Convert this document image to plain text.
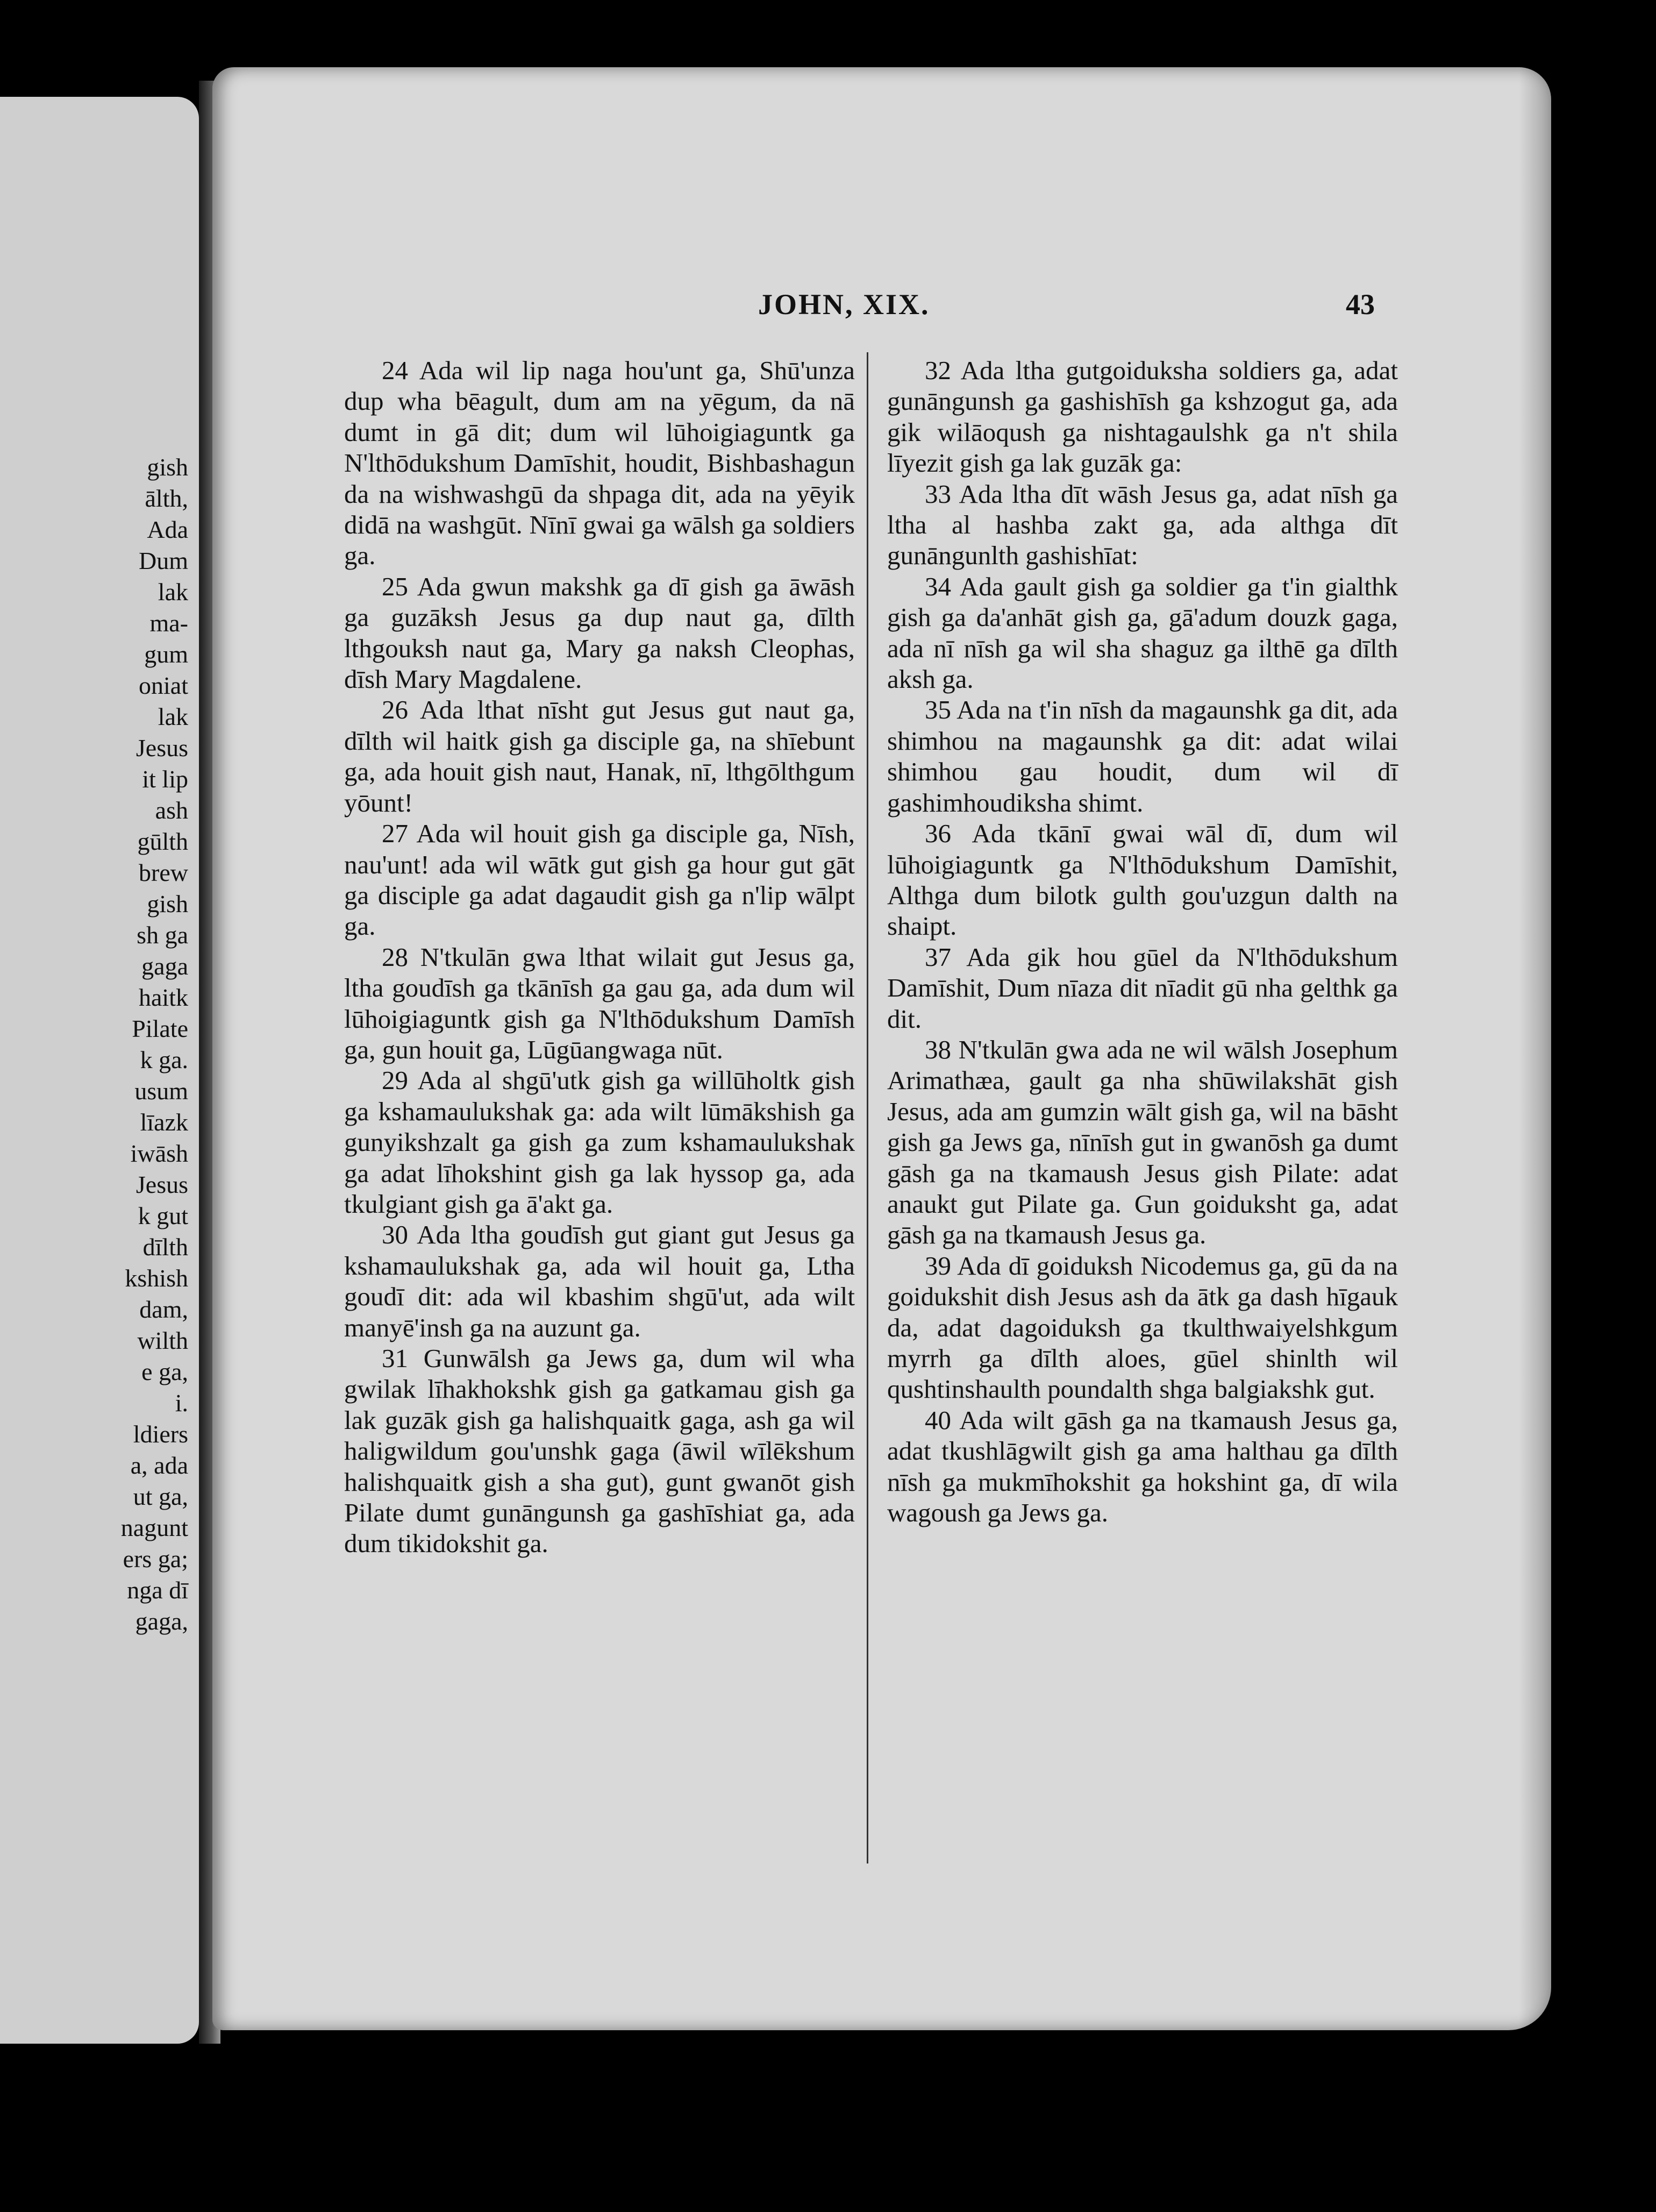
gish
ālth,
Ada
Dum
lak
ma-
gum
oniat
lak
Jesus
it lip
ash
gūlth
brew
gish
sh ga
gaga
haitk
Pilate
k ga.
usum
līazk
iwāsh
Jesus
k gut
dīlth
kshish
dam,
wilth
e ga,
i.
ldiers
a, ada
ut ga,
nagunt
ers ga;
nga dī
gaga,
JOHN, XIX.	43

24 Ada wil lip naga hou'unt ga, Shū'unza dup wha bēagult, dum am na yēgum, da nā dumt in gā dit; dum wil lūhoigiaguntk ga N'lthōdukshum Damīshit, houdit, Bishbashagun da na wishwashgū da shpaga dit, ada na yēyik didā na washgūt. Nīnī gwai ga wālsh ga soldiers ga.

25 Ada gwun makshk ga dī gish ga āwāsh ga guzāksh Jesus ga dup naut ga, dīlth lthgouksh naut ga, Mary ga naksh Cleophas, dīsh Mary Magdalene.

26 Ada lthat nīsht gut Jesus gut naut ga, dīlth wil haitk gish ga disciple ga, na shīebunt ga, ada houit gish naut, Hanak, nī, lthgōlthgum yōunt!

27 Ada wil houit gish ga disciple ga, Nīsh, nau'unt! ada wil wātk gut gish ga hour gut gāt ga disciple ga adat dagaudit gish ga n'lip wālpt ga.

28 N'tkulān gwa lthat wilait gut Jesus ga, ltha goudīsh ga tkānīsh ga gau ga, ada dum wil lūhoigiaguntk gish ga N'lthōdukshum Damīsh ga, gun houit ga, Lūgūangwaga nūt.

29 Ada al shgū'utk gish ga willūholtk gish ga kshamaulukshak ga: ada wilt lūmākshish ga gunyikshzalt ga gish ga zum kshamaulukshak ga adat līhokshint gish ga lak hyssop ga, ada tkulgiant gish ga ā'akt ga.

30 Ada ltha goudīsh gut giant gut Jesus ga kshamaulukshak ga, ada wil houit ga, Ltha goudī dit: ada wil kbashim shgū'ut, ada wilt manyē'insh ga na auzunt ga.

31 Gunwālsh ga Jews ga, dum wil wha gwilak līhakhokshk gish ga gatkamau gish ga lak guzāk gish ga halishquaitk gaga, ash ga wil haligwildum gou'unshk gaga (āwil wīlēkshum halishquaitk gish a sha gut), gunt gwanōt gish Pilate dumt gunāngunsh ga gashīshiat ga, ada dum tikidokshit ga.

32 Ada ltha gutgoiduksha soldiers ga, adat gunāngunsh ga gashishīsh ga kshzogut ga, ada gik wilāoqush ga nishtagaulshk ga n't shila līyezit gish ga lak guzāk ga:

33 Ada ltha dīt wāsh Jesus ga, adat nīsh ga ltha al hashba zakt ga, ada althga dīt gunāngunlth gashishīat:

34 Ada gault gish ga soldier ga t'in gialthk gish ga da'anhāt gish ga, gā'adum douzk gaga, ada nī nīsh ga wil sha shaguz ga ilthē ga dīlth aksh ga.

35 Ada na t'in nīsh da magaunshk ga dit, ada shimhou na magaunshk ga dit: adat wilai shimhou gau houdit, dum wil dī gashimhoudiksha shimt.

36 Ada tkānī gwai wāl dī, dum wil lūhoigiaguntk ga N'lthōdukshum Damīshit, Althga dum bilotk gulth gou'uzgun dalth na shaipt.

37 Ada gik hou gūel da N'lthōdukshum Damīshit, Dum nīaza dit nīadit gū nha gelthk ga dit.

38 N'tkulān gwa ada ne wil wālsh Josephum Arimathæa, gault ga nha shūwilakshāt gish Jesus, ada am gumzin wālt gish ga, wil na bāsht gish ga Jews ga, nīnīsh gut in gwanōsh ga dumt gāsh ga na tkamaush Jesus gish Pilate: adat anaukt gut Pilate ga. Gun goiduksht ga, adat gāsh ga na tkamaush Jesus ga.

39 Ada dī goiduksh Nicodemus ga, gū da na goidukshit dish Jesus ash da ātk ga dash hīgauk da, adat dagoiduksh ga tkulthwaiyelshkgum myrrh ga dīlth aloes, gūel shinlth wil qushtinshaulth poundalth shga balgiakshk gut.

40 Ada wilt gāsh ga na tkamaush Jesus ga, adat tkushlāgwilt gish ga ama halthau ga dīlth nīsh ga mukmīhokshit ga hokshint ga, dī wila wagoush ga Jews ga.
